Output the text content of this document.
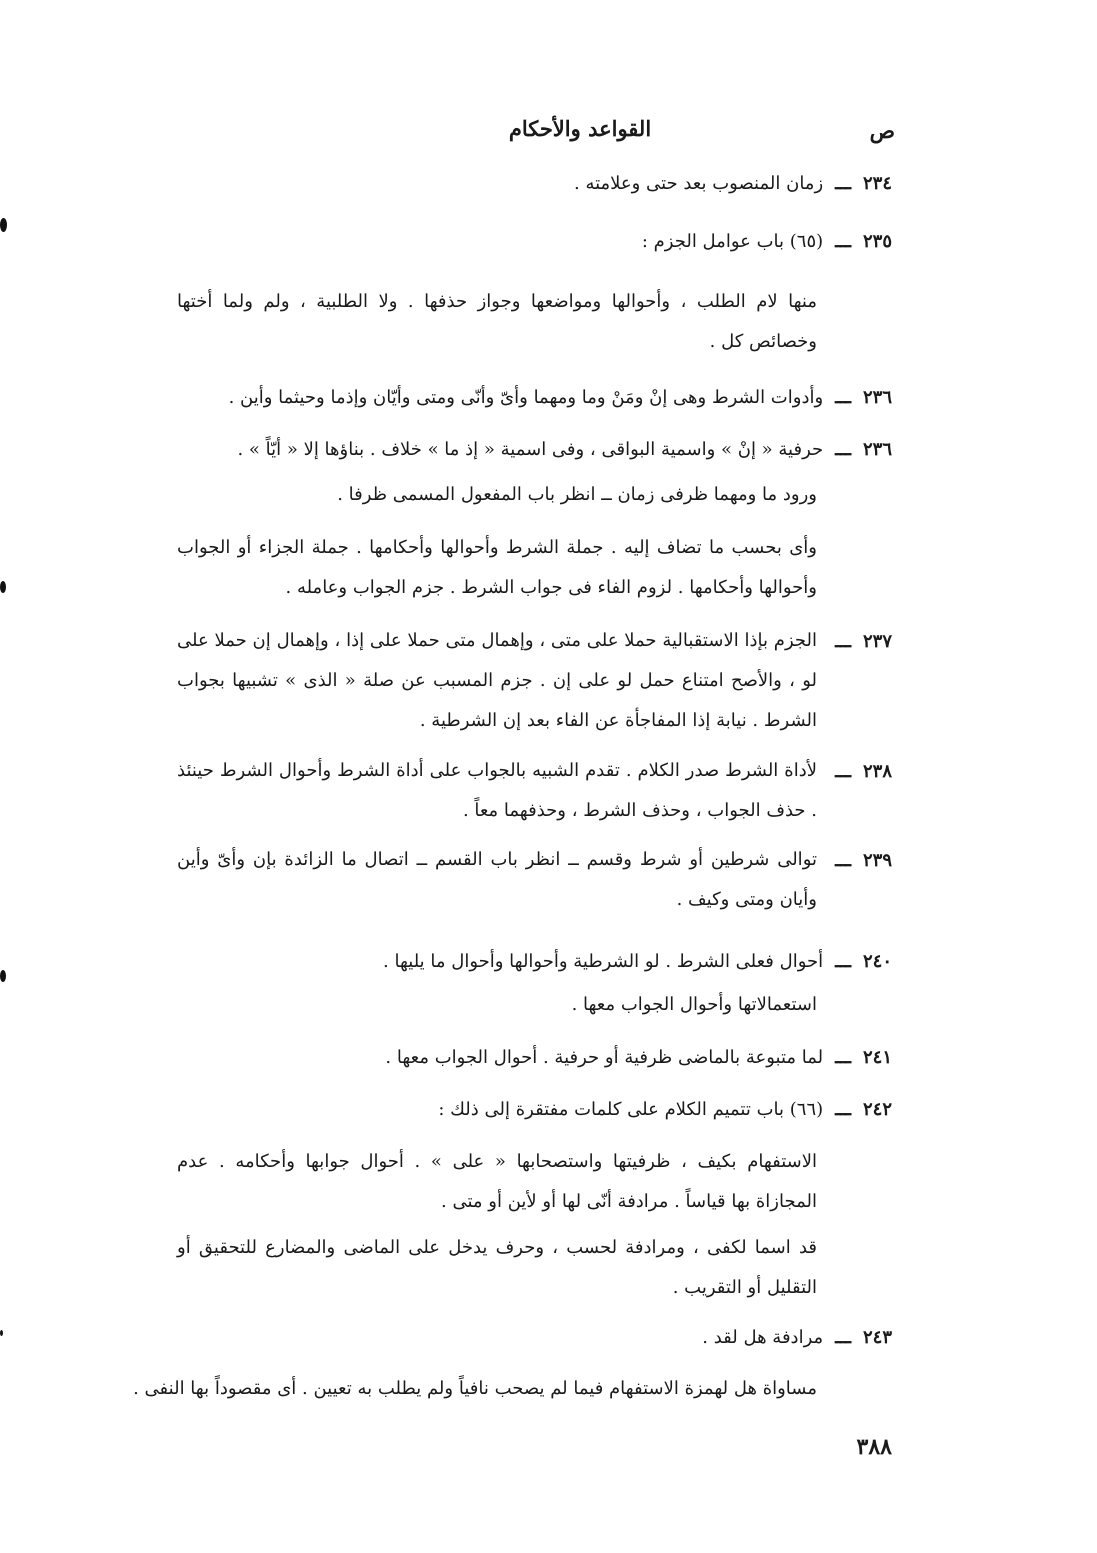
القواعد والأحكام	ص
٢٣٤
ـــ
زمان المنصوب بعد حتى وعلامته .
٢٣٥
ـــ
(٦٥) باب عوامل الجزم :
منها لام الطلب ، وأحوالها ومواضعها وجواز حذفها . ولا الطلبية ، ولم ولما أختها وخصائص كل .
٢٣٦
ـــ
وأدوات الشرط وهى إنْ ومَنْ وما ومهما وأىّ وأنّى ومتى وأيّان وإذما وحيثما وأين .
٢٣٦
ـــ
حرفية « إنْ » واسمية البواقى ، وفى اسمية « إذ ما » خلاف . بناؤها إلا « أيّاً » .
ورود ما ومهما ظرفى زمان ــ انظر باب المفعول المسمى ظرفا .
وأى بحسب ما تضاف إليه . جملة الشرط وأحوالها وأحكامها . جملة الجزاء أو الجواب وأحوالها وأحكامها . لزوم الفاء فى جواب الشرط . جزم الجواب وعامله .
٢٣٧
ـــ
الجزم بإذا الاستقبالية حملا على متى ، وإهمال متى حملا على إذا ، وإهمال إن حملا على لو ، والأصح امتناع حمل لو على إن . جزم المسبب عن صلة « الذى » تشبيها بجواب الشرط . نيابة إذا المفاجأة عن الفاء بعد إن الشرطية .
٢٣٨
ـــ
لأداة الشرط صدر الكلام . تقدم الشبيه بالجواب على أداة الشرط وأحوال الشرط حينئذ . حذف الجواب ، وحذف الشرط ، وحذفهما معاً .
٢٣٩
ـــ
توالى شرطين أو شرط وقسم ــ انظر باب القسم ــ اتصال ما الزائدة بإن وأىّ وأين وأيان ومتى وكيف .
٢٤٠
ـــ
أحوال فعلى الشرط . لو الشرطية وأحوالها وأحوال ما يليها .
استعمالاتها وأحوال الجواب معها .
٢٤١
ـــ
لما متبوعة بالماضى ظرفية أو حرفية . أحوال الجواب معها .
٢٤٢
ـــ
(٦٦) باب تتميم الكلام على كلمات مفتقرة إلى ذلك :
الاستفهام بكيف ، ظرفيتها واستصحابها « على » . أحوال جوابها وأحكامه . عدم المجازاة بها قياساً . مرادفة أنّى لها أو لأين أو متى .
قد اسما لكفى ، ومرادفة لحسب ، وحرف يدخل على الماضى والمضارع للتحقيق أو التقليل أو التقريب .
٢٤٣
ـــ
مرادفة هل لقد .
مساواة هل لهمزة الاستفهام فيما لم يصحب نافياً ولم يطلب به تعيين . أى مقصوداً بها النفى .
٣٨٨
